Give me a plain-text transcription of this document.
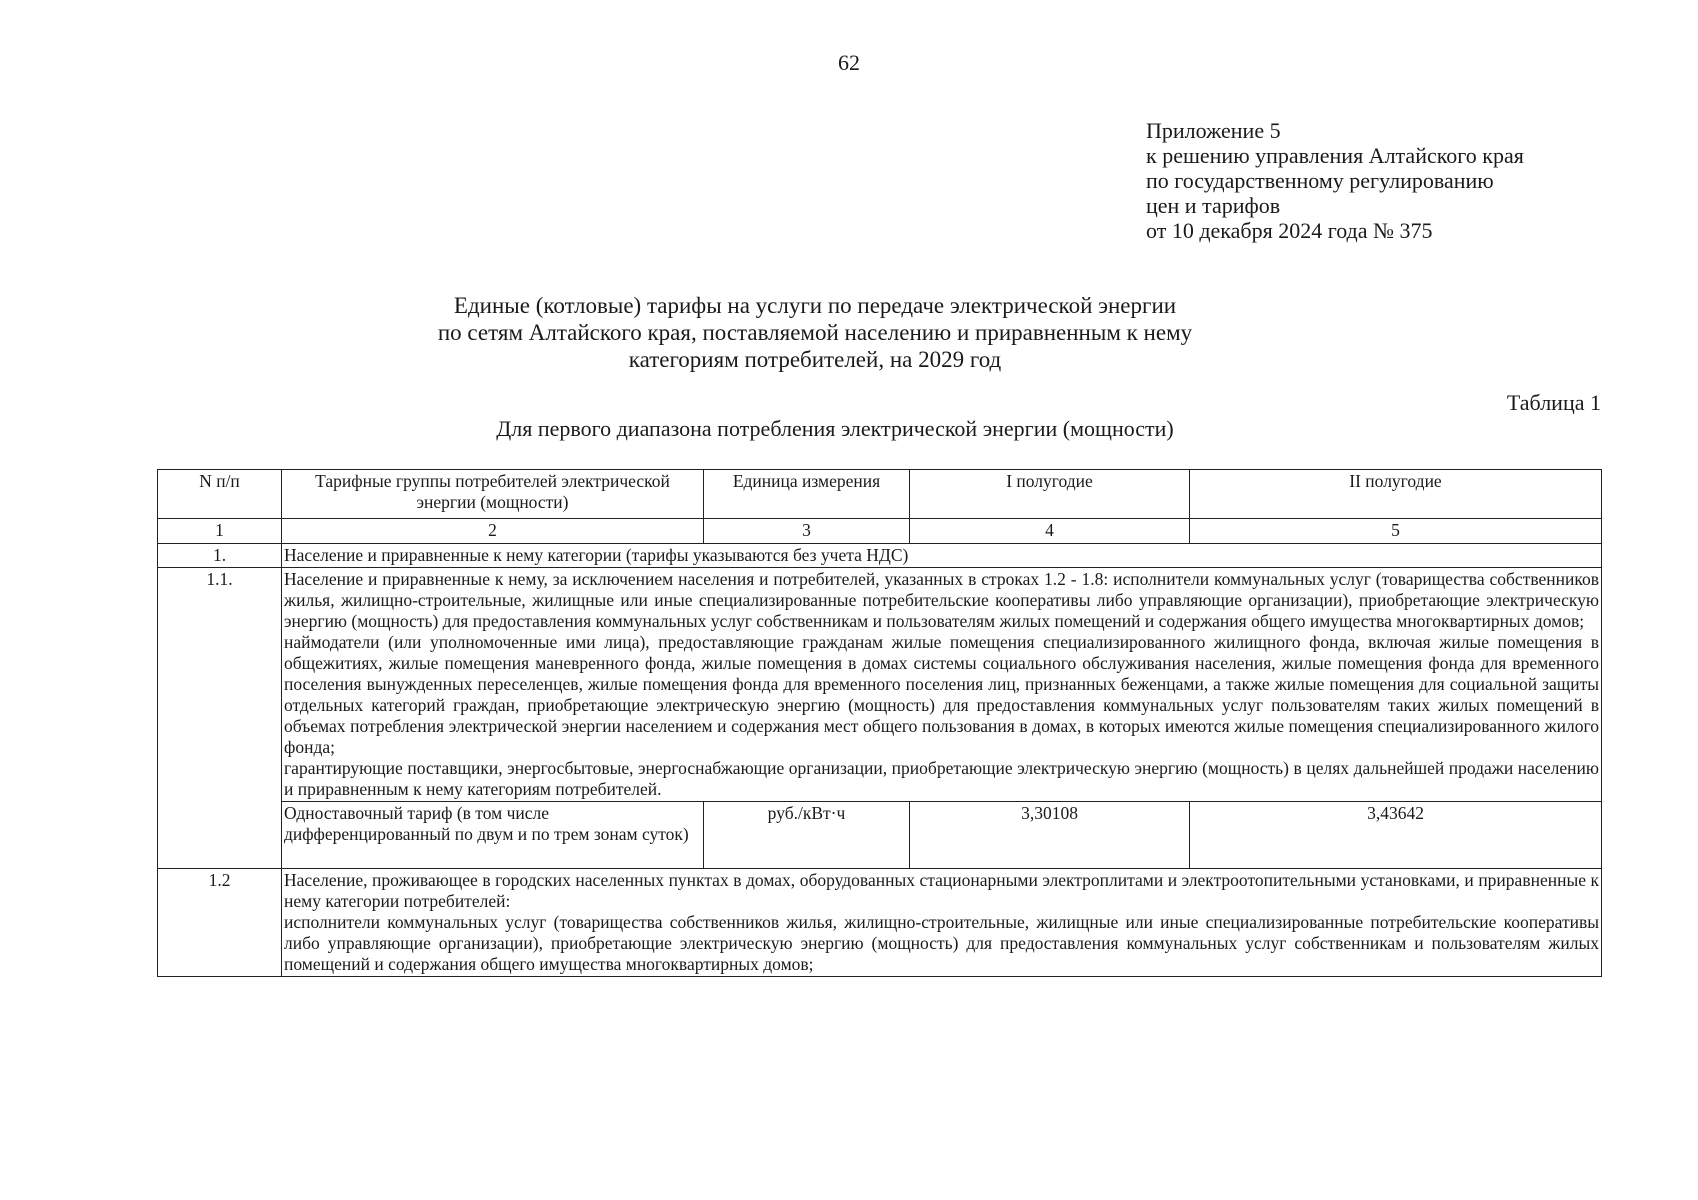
62
Приложение 5
к решению управления Алтайского края
по государственному регулированию
цен и тарифов
от 10 декабря 2024 года № 375
Единые (котловые) тарифы на услуги по передаче электрической энергии
по сетям Алтайского края, поставляемой населению и приравненным к нему
категориям потребителей, на 2029 год
Таблица 1
Для первого диапазона потребления электрической энергии (мощности)
N п/п	Тарифные группы потребителей электрической энергии (мощности)	Единица измерения	I полугодие	II полугодие
1	2	3	4	5
1.	Население и приравненные к нему категории (тарифы указываются без учета НДС)			
1.1.	Население и приравненные к нему, за исключением населения и потребителей, указанных в строках 1.2 - 1.8: исполнители коммунальных услуг (товарищества собственников жилья, жилищно-строительные, жилищные или иные специализированные потребительские кооперативы либо управляющие организации), приобретающие электрическую энергию (мощность) для предоставления коммунальных услуг собственникам и пользователям жилых помещений и содержания общего имущества многоквартирных домов;

наймодатели (или уполномоченные ими лица), предоставляющие гражданам жилые помещения специализированного жилищного фонда, включая жилые помещения в общежитиях, жилые помещения маневренного фонда, жилые помещения в домах системы социального обслуживания населения, жилые помещения фонда для временного поселения вынужденных переселенцев, жилые помещения фонда для временного поселения лиц, признанных беженцами, а также жилые помещения для социальной защиты отдельных категорий граждан, приобретающие электрическую энергию (мощность) для предоставления коммунальных услуг пользователям таких жилых помещений в объемах потребления электрической энергии населением и содержания мест общего пользования в домах, в которых имеются жилые помещения специализированного жилого фонда;

гарантирующие поставщики, энергосбытовые, энергоснабжающие организации, приобретающие электрическую энергию (мощность) в целях дальнейшей продажи населению и приравненным к нему категориям потребителей.			

	Одноставочный тариф (в том числе дифференцированный по двум и по трем зонам суток)	руб./кВт·ч	3,30108	3,43642
1.2	Население, проживающее в городских населенных пунктах в домах, оборудованных стационарными электроплитами и электроотопительными установками, и приравненные к нему категории потребителей:

исполнители коммунальных услуг (товарищества собственников жилья, жилищно-строительные, жилищные или иные специализированные потребительские кооперативы либо управляющие организации), приобретающие электрическую энергию (мощность) для предоставления коммунальных услуг собственникам и пользователям жилых помещений и содержания общего имущества многоквартирных домов;			
